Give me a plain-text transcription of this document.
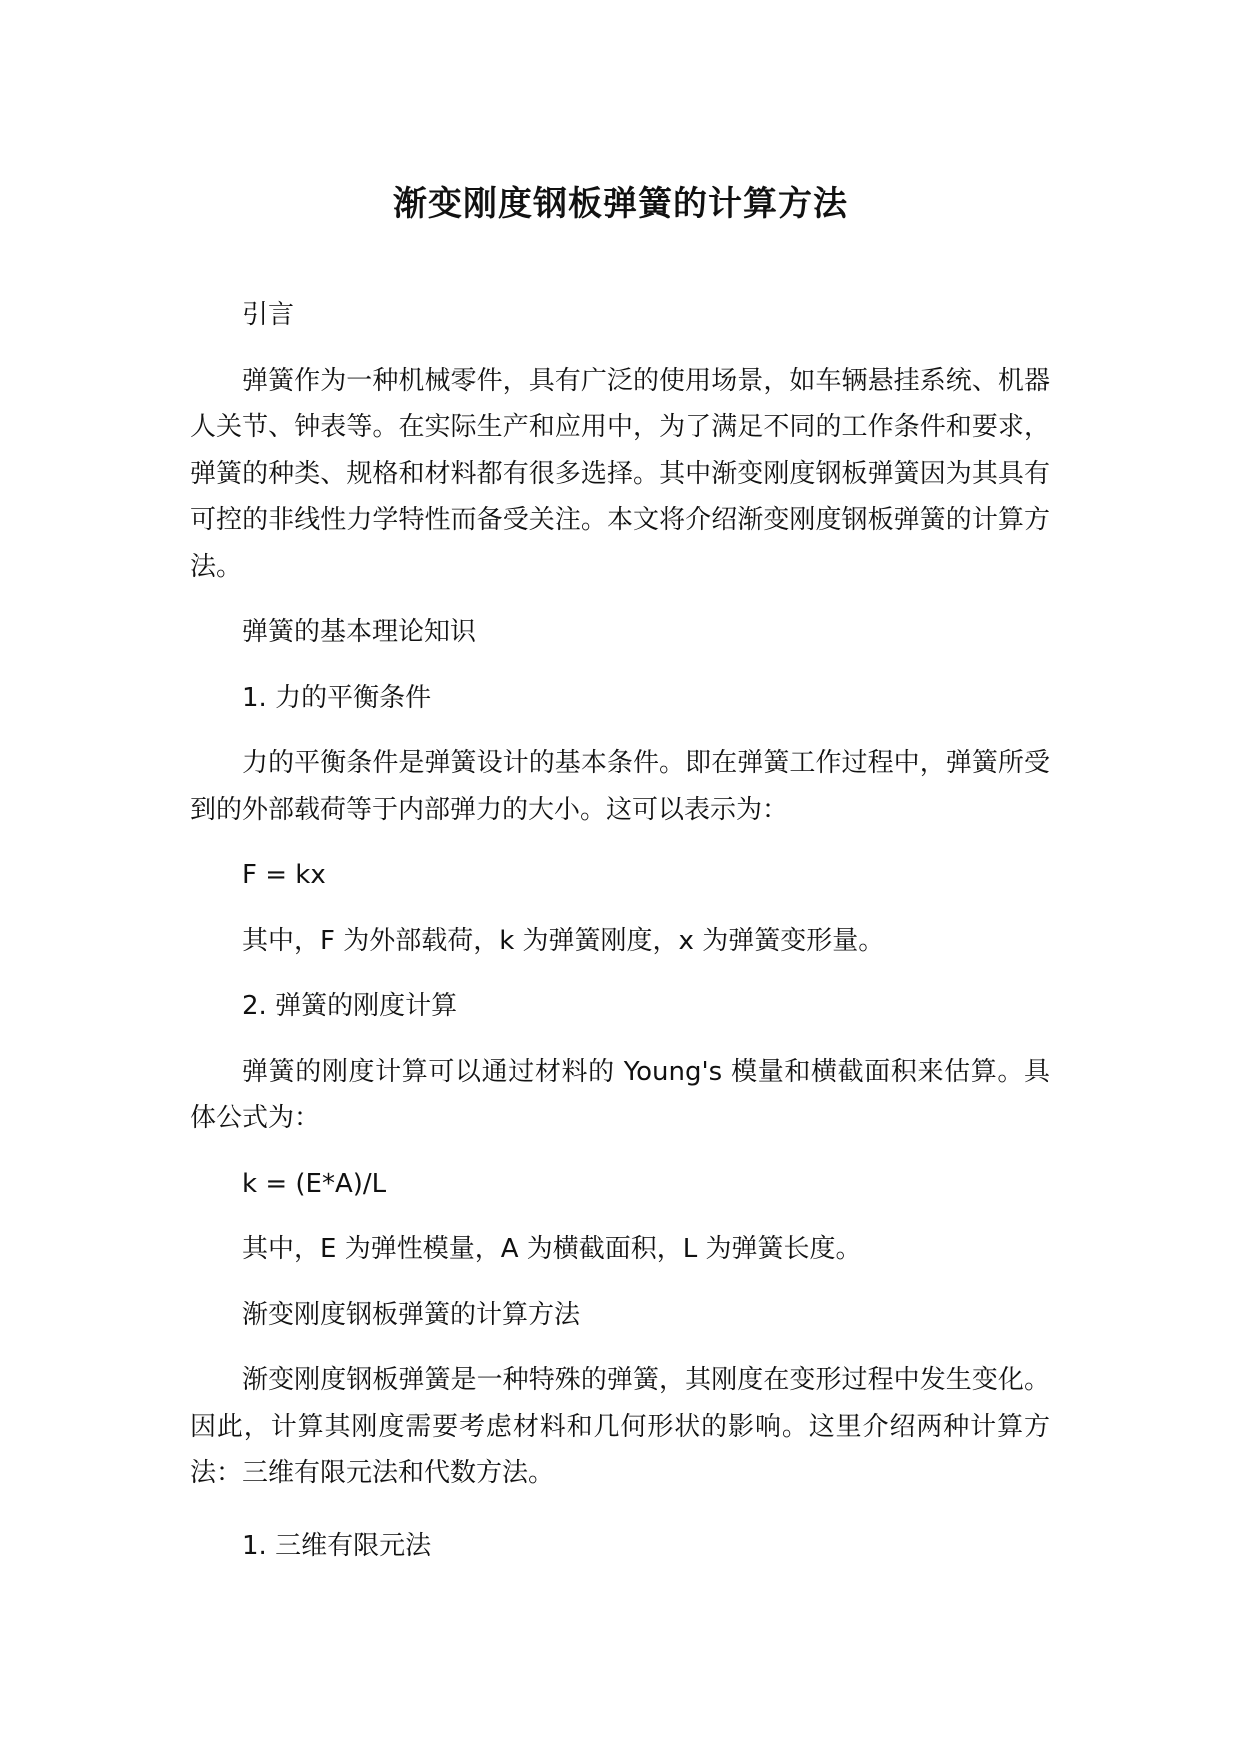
渐变刚度钢板弹簧的计算方法

引言

弹簧作为一种机械零件，具有广泛的使用场景，如车辆悬挂系统、机器人关节、钟表等。在实际生产和应用中，为了满足不同的工作条件和要求，弹簧的种类、规格和材料都有很多选择。其中渐变刚度钢板弹簧因为其具有可控的非线性力学特性而备受关注。本文将介绍渐变刚度钢板弹簧的计算方法。

弹簧的基本理论知识

1. 力的平衡条件

力的平衡条件是弹簧设计的基本条件。即在弹簧工作过程中，弹簧所受到的外部载荷等于内部弹力的大小。这可以表示为：

F = kx

其中，F 为外部载荷，k 为弹簧刚度，x 为弹簧变形量。

2. 弹簧的刚度计算

弹簧的刚度计算可以通过材料的 Young's 模量和横截面积来估算。具体公式为：

k = (E*A)/L

其中，E 为弹性模量，A 为横截面积，L 为弹簧长度。

渐变刚度钢板弹簧的计算方法

渐变刚度钢板弹簧是一种特殊的弹簧，其刚度在变形过程中发生变化。因此，计算其刚度需要考虑材料和几何形状的影响。这里介绍两种计算方法：三维有限元法和代数方法。

1. 三维有限元法
